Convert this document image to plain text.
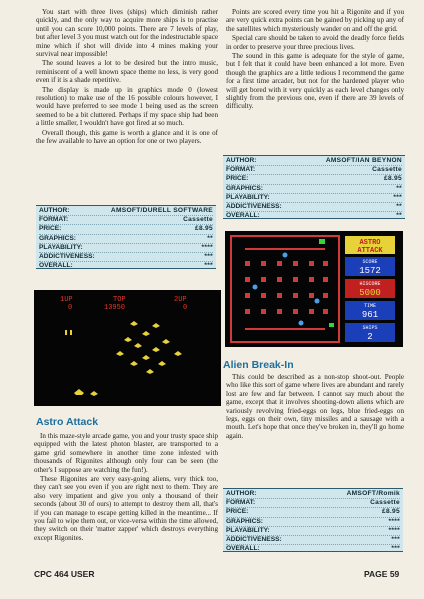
You start with three lives (ships) which diminish rather quickly, and the only way to acquire more ships is to practise until you can score 10,000 points. There are 7 levels of play, but after level 3 you must watch out for the indestructable space mine which if shot will divide into 4 mines making your survival near impossible!

The sound leaves a lot to be desired but the intro music, reminiscent of a well known space theme no less, is very good even if it is a shade repetitive.

The display is made up in graphics mode 0 (lowest resolution) to make use of the 16 possible colours however, I would have preferred to see mode 1 being used as the screen seemed to be a bit cluttered. Perhaps if my space ship had been a little smaller, I wouldn't have got fired at so much.

Overall though, this game is worth a glance and it is one of the few available to have an option for one or two players.

Points are scored every time you hit a Rigonite and if you are very quick extra points can be gained by picking up any of the satellites which mysteriously wander on and off the grid.

Special care should be taken to avoid the deadly force fields in order to preserve your three precious lives.

The sound in this game is adequate for the style of game, but I felt that it could have been enhanced a lot more. Even though the graphics are a little tedious I recommend the game for a first time arcader, but not for the hardened player who will get bored with it very quickly as each level changes only slightly from the previous one, even if there are 39 levels of difficulty.

AUTHOR:	AMSOFT/DURELL SOFTWARE
FORMAT:	Cassette
PRICE:	£8.95
GRAPHICS:	**
PLAYABILITY:	****
ADDICTIVENESS:	***
OVERALL:	***
AUTHOR:	AMSOFT/IAN BEYNON
FORMAT:	Cassette
PRICE:	£8.95
GRAPHICS:	**
PLAYABILITY:	***
ADDICTIVENESS:	**
OVERALL:	**
1UP
0
TOP
13950
2UP
0
ASTRO
ATTACK
SCORE
1572
HISCORE
5000
TIME
961
SHIPS
2
Astro Attack
Alien Break-In

In this maze-style arcade game, you and your trusty space ship equipped with the latest photon blaster, are transported to a game grid somewhere in another time zone infested with thousands of Rigonites although only four can be seen (the other's I suppose are watching the fun!).

These Rigonites are very easy-going aliens, very thick too, they can't see you even if you are right next to them. They are also very impatient and give you only a thousand of their seconds (about 30 of ours) to attempt to destroy them all, that's if you can manage to escape getting killed in the meantime... If you fail to wipe them out, or vice-versa within the time allowed, they switch on their 'matter zapper' which destroys everything except Rigonites.

This could be described as a non-stop shoot-out. People who like this sort of game where lives are abundant and rarely lost are few and far between. I cannot say much about the game, except that it involves shooting-down aliens which are variously revolving fried-eggs on legs, blue fried-eggs on legs, eggs on their own, tiny missiles and a sausage with a mouth. Let's hope that once they've broken in, they'll go home again.

AUTHOR:	AMSOFT/Romik
FORMAT:	Cassette
PRICE:	£8.95
GRAPHICS:	****
PLAYABILITY:	****
ADDICTIVENESS:	***
OVERALL:	***
CPC 464 USER	PAGE 59
